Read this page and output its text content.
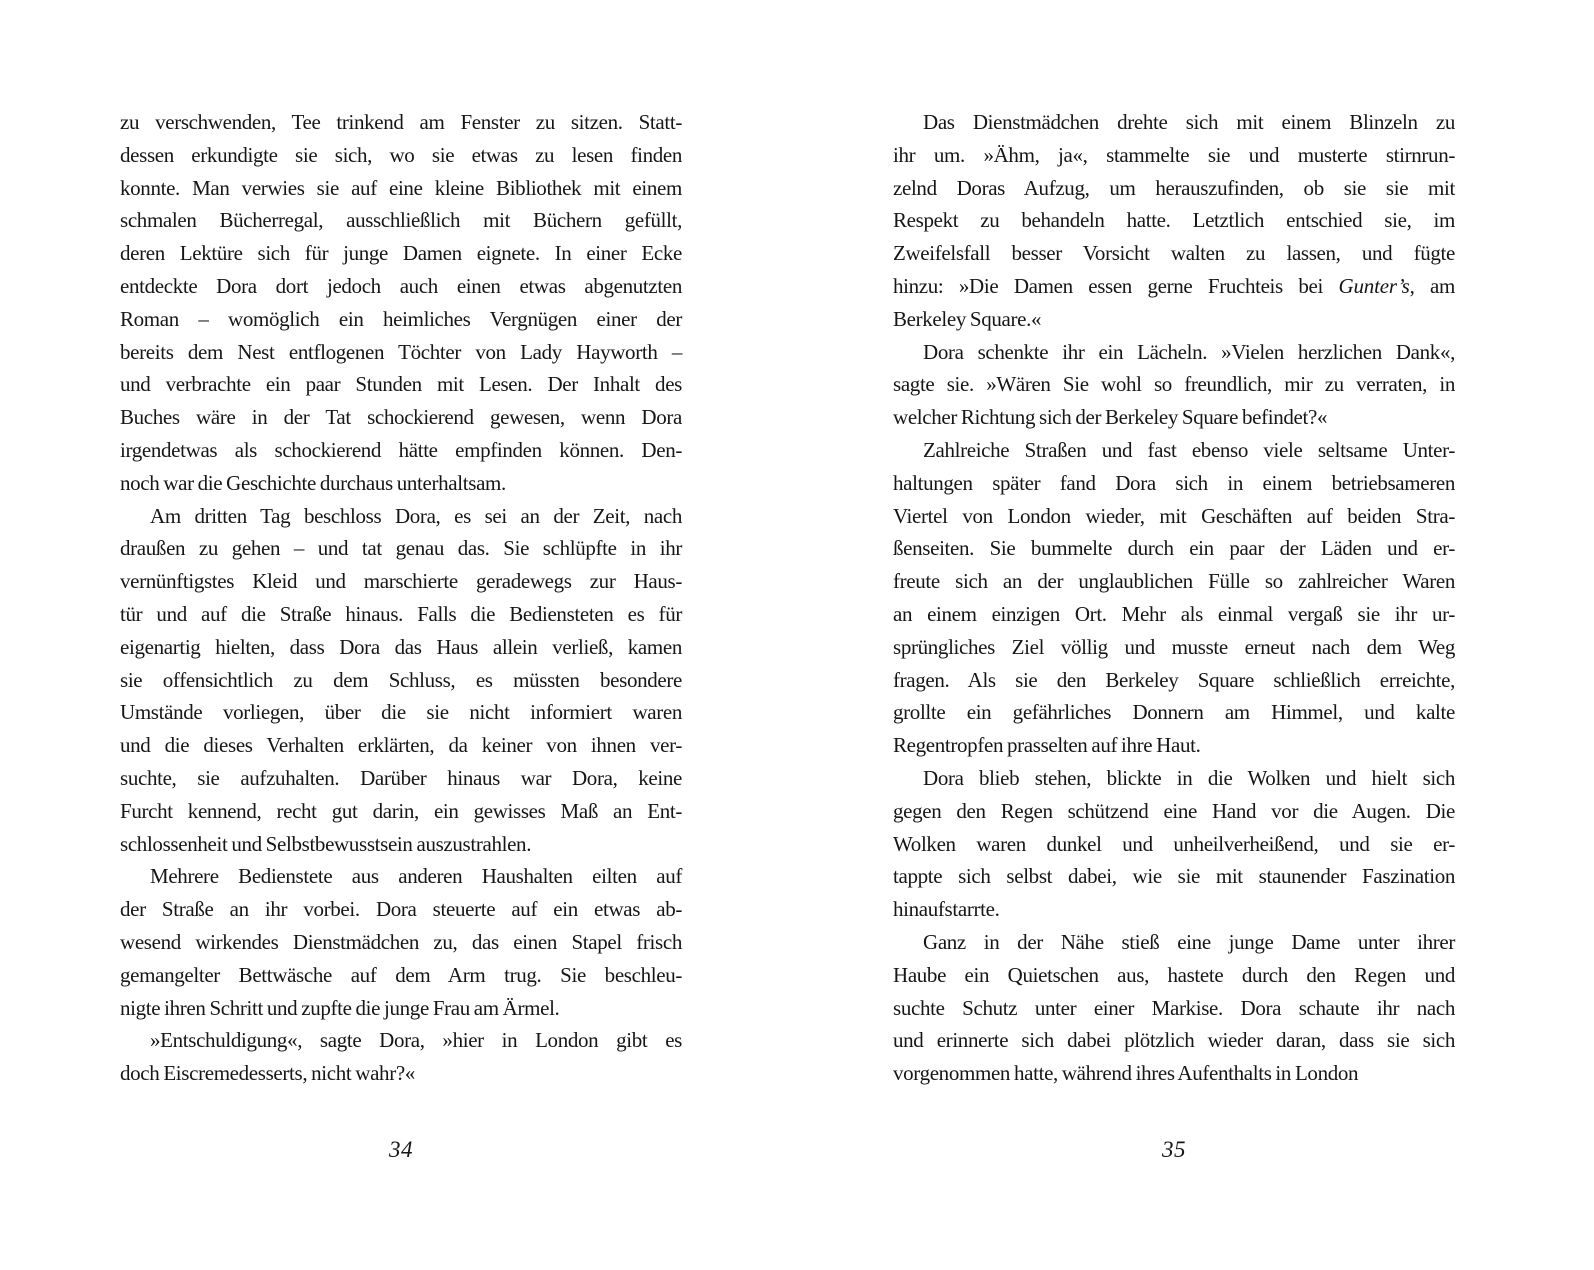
zu verschwenden, Tee trinkend am Fenster zu sitzen. Statt-
dessen erkundigte sie sich, wo sie etwas zu lesen finden
konnte. Man verwies sie auf eine kleine Bibliothek mit einem
schmalen Bücherregal, ausschließlich mit Büchern gefüllt,
deren Lektüre sich für junge Damen eignete. In einer Ecke
entdeckte Dora dort jedoch auch einen etwas abgenutzten
Roman – womöglich ein heimliches Vergnügen einer der
bereits dem Nest entflogenen Töchter von Lady Hayworth –
und verbrachte ein paar Stunden mit Lesen. Der Inhalt des
Buches wäre in der Tat schockierend gewesen, wenn Dora
irgendetwas als schockierend hätte empfinden können. Den-
noch war die Geschichte durchaus unterhaltsam.
Am dritten Tag beschloss Dora, es sei an der Zeit, nach
draußen zu gehen – und tat genau das. Sie schlüpfte in ihr
vernünftigstes Kleid und marschierte geradewegs zur Haus-
tür und auf die Straße hinaus. Falls die Bediensteten es für
eigenartig hielten, dass Dora das Haus allein verließ, kamen
sie offensichtlich zu dem Schluss, es müssten besondere
Umstände vorliegen, über die sie nicht informiert waren
und die dieses Verhalten erklärten, da keiner von ihnen ver-
suchte, sie aufzuhalten. Darüber hinaus war Dora, keine
Furcht kennend, recht gut darin, ein gewisses Maß an Ent-
schlossenheit und Selbstbewusstsein auszustrahlen.
Mehrere Bedienstete aus anderen Haushalten eilten auf
der Straße an ihr vorbei. Dora steuerte auf ein etwas ab-
wesend wirkendes Dienstmädchen zu, das einen Stapel frisch
gemangelter Bettwäsche auf dem Arm trug. Sie beschleu-
nigte ihren Schritt und zupfte die junge Frau am Ärmel.
»Entschuldigung«, sagte Dora, »hier in London gibt es
doch Eiscremedesserts, nicht wahr?«
34
Das Dienstmädchen drehte sich mit einem Blinzeln zu
ihr um. »Ähm, ja«, stammelte sie und musterte stirnrun-
zelnd Doras Aufzug, um herauszufinden, ob sie sie mit
Respekt zu behandeln hatte. Letztlich entschied sie, im
Zweifelsfall besser Vorsicht walten zu lassen, und fügte
hinzu: »Die Damen essen gerne Fruchteis bei Gunter’s, am
Berkeley Square.«
Dora schenkte ihr ein Lächeln. »Vielen herzlichen Dank«,
sagte sie. »Wären Sie wohl so freundlich, mir zu verraten, in
welcher Richtung sich der Berkeley Square befindet?«
Zahlreiche Straßen und fast ebenso viele seltsame Unter-
haltungen später fand Dora sich in einem betriebsameren
Viertel von London wieder, mit Geschäften auf beiden Stra-
ßenseiten. Sie bummelte durch ein paar der Läden und er-
freute sich an der unglaublichen Fülle so zahlreicher Waren
an einem einzigen Ort. Mehr als einmal vergaß sie ihr ur-
sprüngliches Ziel völlig und musste erneut nach dem Weg
fragen. Als sie den Berkeley Square schließlich erreichte,
grollte ein gefährliches Donnern am Himmel, und kalte
Regentropfen prasselten auf ihre Haut.
Dora blieb stehen, blickte in die Wolken und hielt sich
gegen den Regen schützend eine Hand vor die Augen. Die
Wolken waren dunkel und unheilverheißend, und sie er-
tappte sich selbst dabei, wie sie mit staunender Faszination
hinaufstarrte.
Ganz in der Nähe stieß eine junge Dame unter ihrer
Haube ein Quietschen aus, hastete durch den Regen und
suchte Schutz unter einer Markise. Dora schaute ihr nach
und erinnerte sich dabei plötzlich wieder daran, dass sie sich
vorgenommen hatte, während ihres Aufenthalts in London
35
